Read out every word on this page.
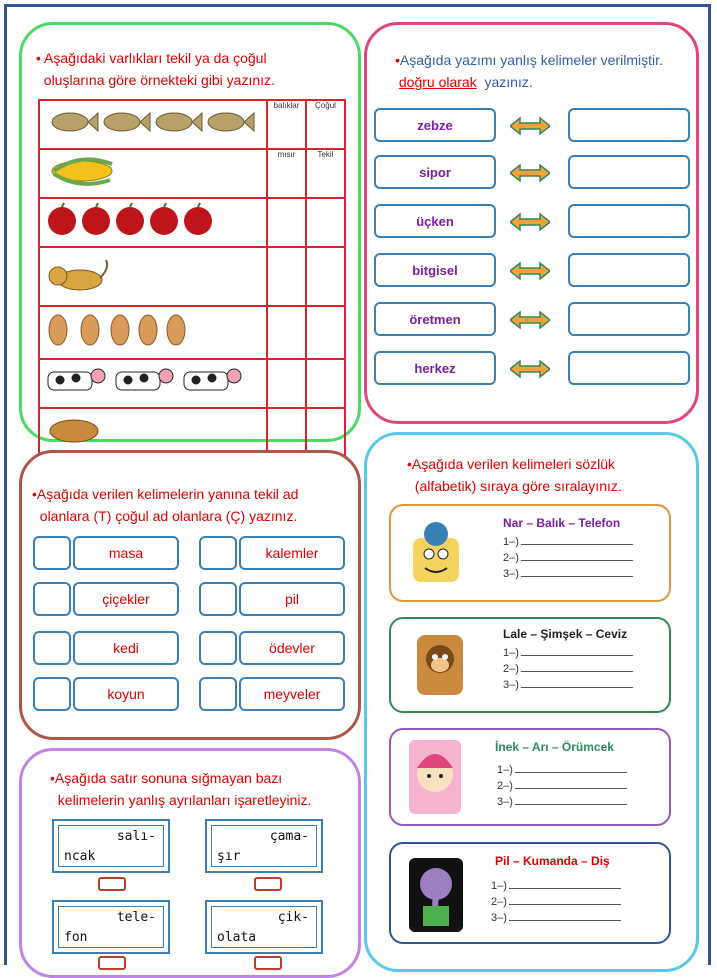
• Aşağıdaki varlıkları tekil ya da çoğul
oluşlarına göre örnekteki gibi yazınız.
	balıklar	Çoğul
	mısır	Tekil

•Aşağıda yazımı yanlış kelimeler verilmiştir.
doğru olarak yazınız.
zebze
sipor
üçken
bitgisel
öretmen
herkez
•Aşağıda verilen kelimelerin yanına tekil ad
olanlara (T) çoğul ad olanlara (Ç) yazınız.
masa
çiçekler
kedi
koyun
kalemler
pil
ödevler
meyveler
•Aşağıda verilen kelimeleri sözlük
(alfabetik) sıraya göre sıralayınız.
Nar – Balık – Telefon
1–)
2–)
3–)
Lale – Şimşek – Ceviz
1–)
2–)
3–)
İnek – Arı – Örümcek
1–)
2–)
3–)
Pil – Kumanda – Diş
1–)
2–)
3–)
•Aşağıda satır sonuna sığmayan bazı
kelimelerin yanlış ayrılanları işaretleyiniz.
salı-
ncak
çama-
şır
tele-
fon
çik-
olata
